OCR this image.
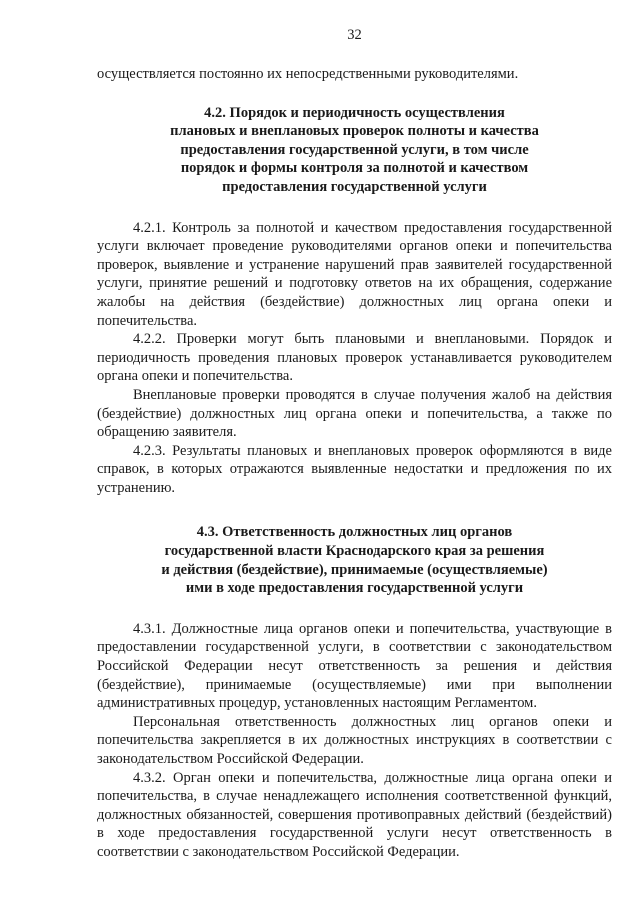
32

осуществляется постоянно их непосредственными руководителями.

4.2. Порядок и периодичность осуществления
плановых и внеплановых проверок полноты и качества
предоставления государственной услуги, в том числе
порядок и формы контроля за полнотой и качеством
предоставления государственной услуги

4.2.1. Контроль за полнотой и качеством предоставления государственной услуги включает проведение руководителями органов опеки и попечительства проверок, выявление и устранение нарушений прав заявителей государственной услуги, принятие решений и подготовку ответов на их обращения, содержание жалобы на действия (бездействие) должностных лиц органа опеки и попечительства.

4.2.2. Проверки могут быть плановыми и внеплановыми. Порядок и периодичность проведения плановых проверок устанавливается руководителем органа опеки и попечительства.

Внеплановые проверки проводятся в случае получения жалоб на действия (бездействие) должностных лиц органа опеки и попечительства, а также по обращению заявителя.

4.2.3. Результаты плановых и внеплановых проверок оформляются в виде справок, в которых отражаются выявленные недостатки и предложения по их устранению.

4.3. Ответственность должностных лиц органов
государственной власти Краснодарского края за решения
и действия (бездействие), принимаемые (осуществляемые)
ими в ходе предоставления государственной услуги

4.3.1. Должностные лица органов опеки и попечительства, участвующие в предоставлении государственной услуги, в соответствии с законодательством Российской Федерации несут ответственность за решения и действия (бездействие), принимаемые (осуществляемые) ими при выполнении административных процедур, установленных настоящим Регламентом.

Персональная ответственность должностных лиц органов опеки и попечительства закрепляется в их должностных инструкциях в соответствии с законодательством Российской Федерации.

4.3.2. Орган опеки и попечительства, должностные лица органа опеки и попечительства, в случае ненадлежащего исполнения соответственной функций, должностных обязанностей, совершения противоправных действий (бездействий) в ходе предоставления государственной услуги несут ответственность в соответствии с законодательством Российской Федерации.
